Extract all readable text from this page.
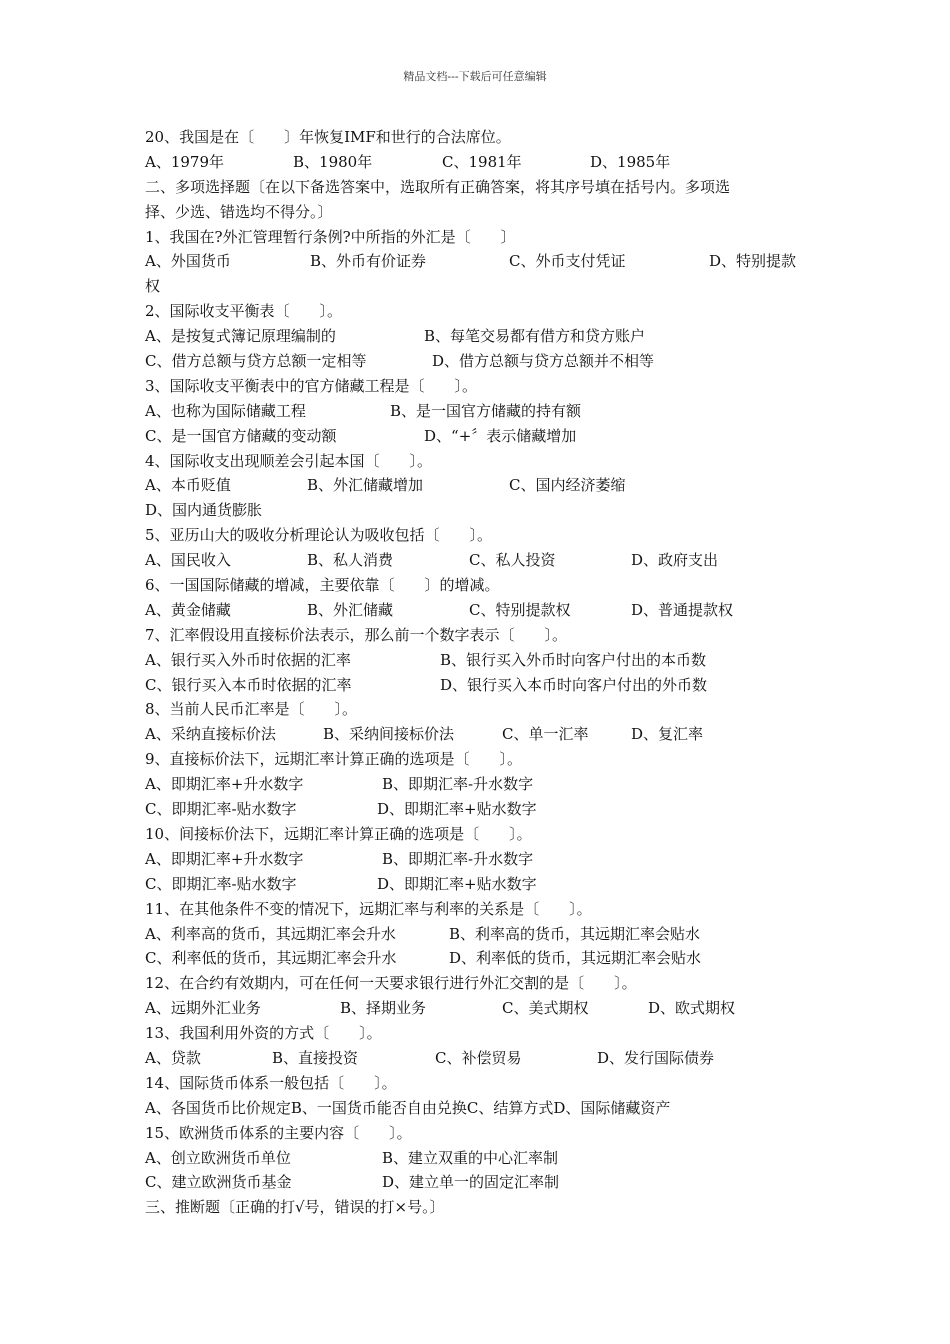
精品文档---下载后可任意编辑
20、我国是在〔　　〕年恢复IMF和世行的合法席位。
A、1979年	B、1980年	C、1981年	D、1985年
二、多项选择题〔在以下备选答案中，选取所有正确答案，将其序号填在括号内。多项选
择、少选、错选均不得分。〕
1、我国在?外汇管理暂行条例?中所指的外汇是〔　　〕
A、外国货币	B、外币有价证券	C、外币支付凭证	D、特别提款
权
2、国际收支平衡表〔　　〕。
A、是按复式簿记原理编制的	B、每笔交易都有借方和贷方账户
C、借方总额与贷方总额一定相等	D、借方总额与贷方总额并不相等
3、国际收支平衡表中的官方储藏工程是〔　　〕。
A、也称为国际储藏工程	B、是一国官方储藏的持有额
C、是一国官方储藏的变动额	D、“+〞表示储藏增加
4、国际收支出现顺差会引起本国〔　　〕。
A、本币贬值	B、外汇储藏增加	C、国内经济萎缩
D、国内通货膨胀
5、亚历山大的吸收分析理论认为吸收包括〔　　〕。
A、国民收入	B、私人消费	C、私人投资	D、政府支出
6、一国国际储藏的增减，主要依靠〔　　〕的增减。
A、黄金储藏	B、外汇储藏	C、特别提款权	D、普通提款权
7、汇率假设用直接标价法表示，那么前一个数字表示〔　　〕。
A、银行买入外币时依据的汇率	B、银行买入外币时向客户付出的本币数
C、银行买入本币时依据的汇率	D、银行买入本币时向客户付出的外币数
8、当前人民币汇率是〔　　〕。
A、采纳直接标价法	B、采纳间接标价法	C、单一汇率	D、复汇率
9、直接标价法下，远期汇率计算正确的选项是〔　　〕。
A、即期汇率+升水数字	B、即期汇率-升水数字
C、即期汇率-贴水数字	D、即期汇率+贴水数字
10、间接标价法下，远期汇率计算正确的选项是〔　　〕。
A、即期汇率+升水数字	B、即期汇率-升水数字
C、即期汇率-贴水数字	D、即期汇率+贴水数字
11、在其他条件不变的情况下，远期汇率与利率的关系是〔　　〕。
A、利率高的货币，其远期汇率会升水	B、利率高的货币，其远期汇率会贴水
C、利率低的货币，其远期汇率会升水	D、利率低的货币，其远期汇率会贴水
12、在合约有效期内，可在任何一天要求银行进行外汇交割的是〔　　〕。
A、远期外汇业务	B、择期业务	C、美式期权	D、欧式期权
13、我国利用外资的方式〔　　〕。
A、贷款	B、直接投资	C、补偿贸易	D、发行国际债券
14、国际货币体系一般包括〔　　〕。
A、各国货币比价规定B、一国货币能否自由兑换C、结算方式D、国际储藏资产
15、欧洲货币体系的主要内容〔　　〕。
A、创立欧洲货币单位	B、建立双重的中心汇率制
C、建立欧洲货币基金	D、建立单一的固定汇率制
三、推断题〔正确的打√号，错误的打×号。〕
